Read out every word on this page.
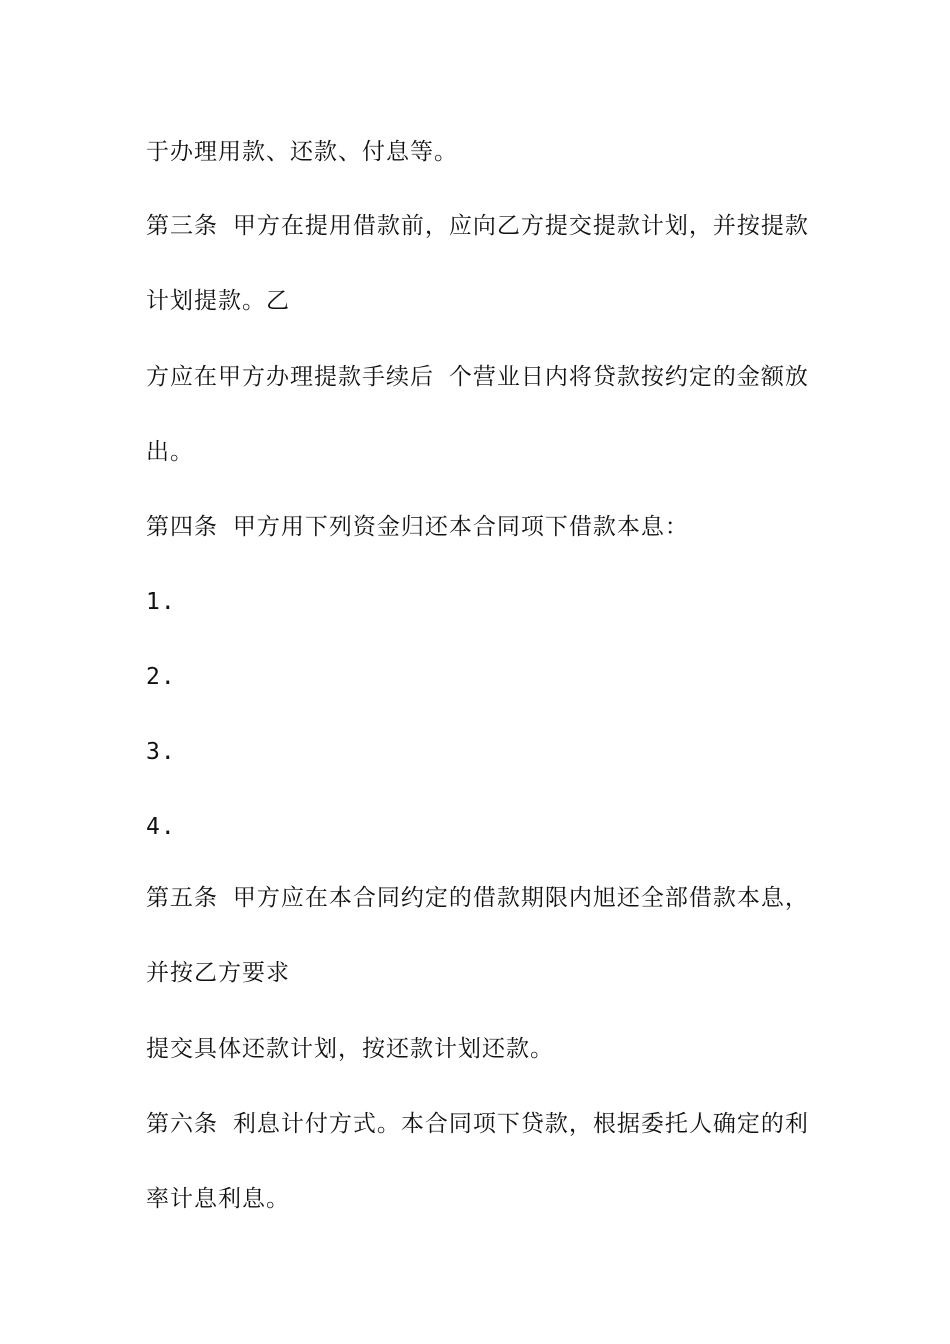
于办理用款、还款、付息等。
第三条 甲方在提用借款前，应向乙方提交提款计划，并按提款
计划提款。乙
方应在甲方办理提款手续后 个营业日内将贷款按约定的金额放
出。
第四条 甲方用下列资金归还本合同项下借款本息：
1.
2.
3.
4.
第五条 甲方应在本合同约定的借款期限内旭还全部借款本息，
并按乙方要求
提交具体还款计划，按还款计划还款。
第六条 利息计付方式。本合同项下贷款，根据委托人确定的利
率计息利息。
